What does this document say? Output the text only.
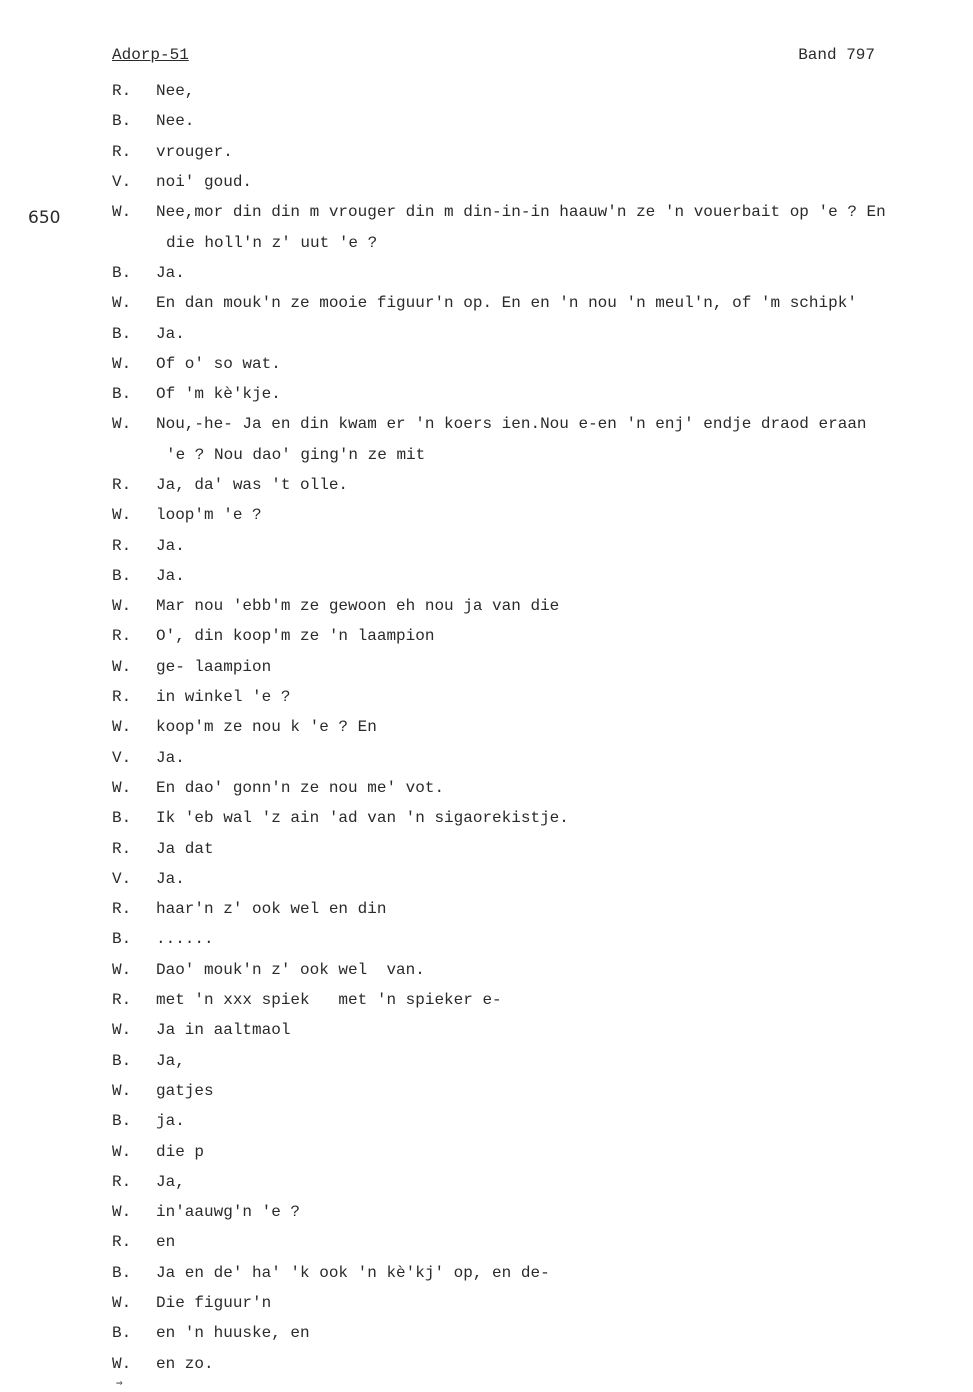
Adorp-51	Band 797
650
R.	Nee,
B.	Nee.
R.	vrouger.
V.	noi' goud.
W.	Nee,mor din din m vrouger din m din-in-in haauw'n ze 'n vouerbait op 'e ? En
die holl'n z' uut 'e ?
B.	Ja.
W.	En dan mouk'n ze mooie figuur'n op. En en 'n nou 'n meul'n, of 'm schipk'
B.	Ja.
W.	Of o' so wat.
B.	Of 'm kè'kje.
W.	Nou,-he- Ja en din kwam er 'n koers ien.Nou e-en 'n enj' endje draod eraan
'e ? Nou dao' ging'n ze mit
R.	Ja, da' was 't olle.
W.	loop'm 'e ?
R.	Ja.
B.	Ja.
W.	Mar nou 'ebb'm ze gewoon eh nou ja van die
R.	O', din koop'm ze 'n laampion
W.	ge- laampion
R.	in winkel 'e ?
W.	koop'm ze nou k 'e ? En
V.	Ja.
W.	En dao' gonn'n ze nou me' vot.
B.	Ik 'eb wal 'z ain 'ad van 'n sigaorekistje.
R.	Ja dat
V.	Ja.
R.	haar'n z' ook wel en din
B.	......
W.	Dao' mouk'n z' ook wel  van.
R.	met 'n xxx spiek   met 'n spieker e-
W.	Ja in aaltmaol
B.	Ja,
W.	gatjes
B.	ja.
W.	die p
R.	Ja,
W.	in'aauwg'n 'e ?
R.	en
B.	Ja en de' ha' 'k ook 'n kè'kj' op, en de-
W.	Die figuur'n
B.	en 'n huuske, en
W.	en zo.
⇒
